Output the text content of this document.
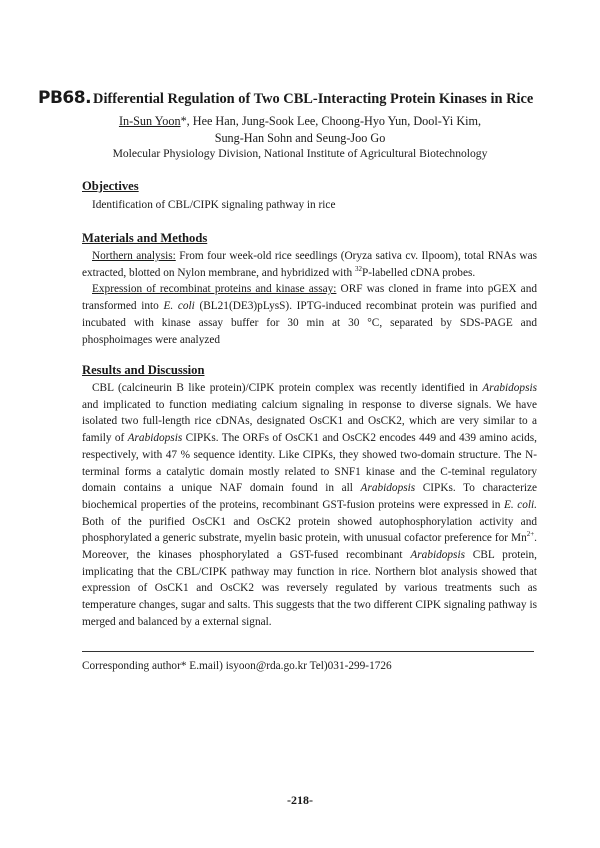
PB68. Differential Regulation of Two CBL-Interacting Protein Kinases in Rice
In-Sun Yoon*, Hee Han, Jung-Sook Lee, Choong-Hyo Yun, Dool-Yi Kim,
Sung-Han Sohn and Seung-Joo Go
Molecular Physiology Division, National Institute of Agricultural Biotechnology
Objectives
Identification of CBL/CIPK signaling pathway in rice
Materials and Methods

Northern analysis: From four week-old rice seedlings (Oryza sativa cv. Ilpoom), total RNAs was extracted, blotted on Nylon membrane, and hybridized with $^{32}$P-labelled cDNA probes.

Expression of recombinat proteins and kinase assay: ORF was cloned in frame into pGEX and transformed into E. coli (BL21(DE3)pLysS). IPTG-induced recombinat protein was purified and incubated with kinase assay buffer for 30 min at 30 °C, separated by SDS-PAGE and phosphoimages were analyzed

Results and Discussion

CBL (calcineurin B like protein)/CIPK protein complex was recently identified in Arabidopsis and implicated to function mediating calcium signaling in response to diverse signals. We have isolated two full-length rice cDNAs, designated OsCK1 and OsCK2, which are very similar to a family of Arabidopsis CIPKs. The ORFs of OsCK1 and OsCK2 encodes 449 and 439 amino acids, respectively, with 47 % sequence identity. Like CIPKs, they showed two-domain structure. The N-terminal forms a catalytic domain mostly related to SNF1 kinase and the C-teminal regulatory domain contains a unique NAF domain found in all Arabidopsis CIPKs. To characterize biochemical properties of the proteins, recombinant GST-fusion proteins were expressed in E. coli. Both of the purified OsCK1 and OsCK2 protein showed autophosphorylation activity and phosphorylated a generic substrate, myelin basic protein, with unusual cofactor preference for $Mn^{2+}$. Moreover, the kinases phosphorylated a GST-fused recombinant Arabidopsis CBL protein, implicating that the CBL/CIPK pathway may function in rice. Northern blot analysis showed that expression of OsCK1 and OsCK2 was reversely regulated by various treatments such as temperature changes, sugar and salts. This suggests that the two different CIPK signaling pathway is merged and balanced by a external signal.

Corresponding author* E.mail) isyoon@rda.go.kr Tel)031-299-1726
-218-
